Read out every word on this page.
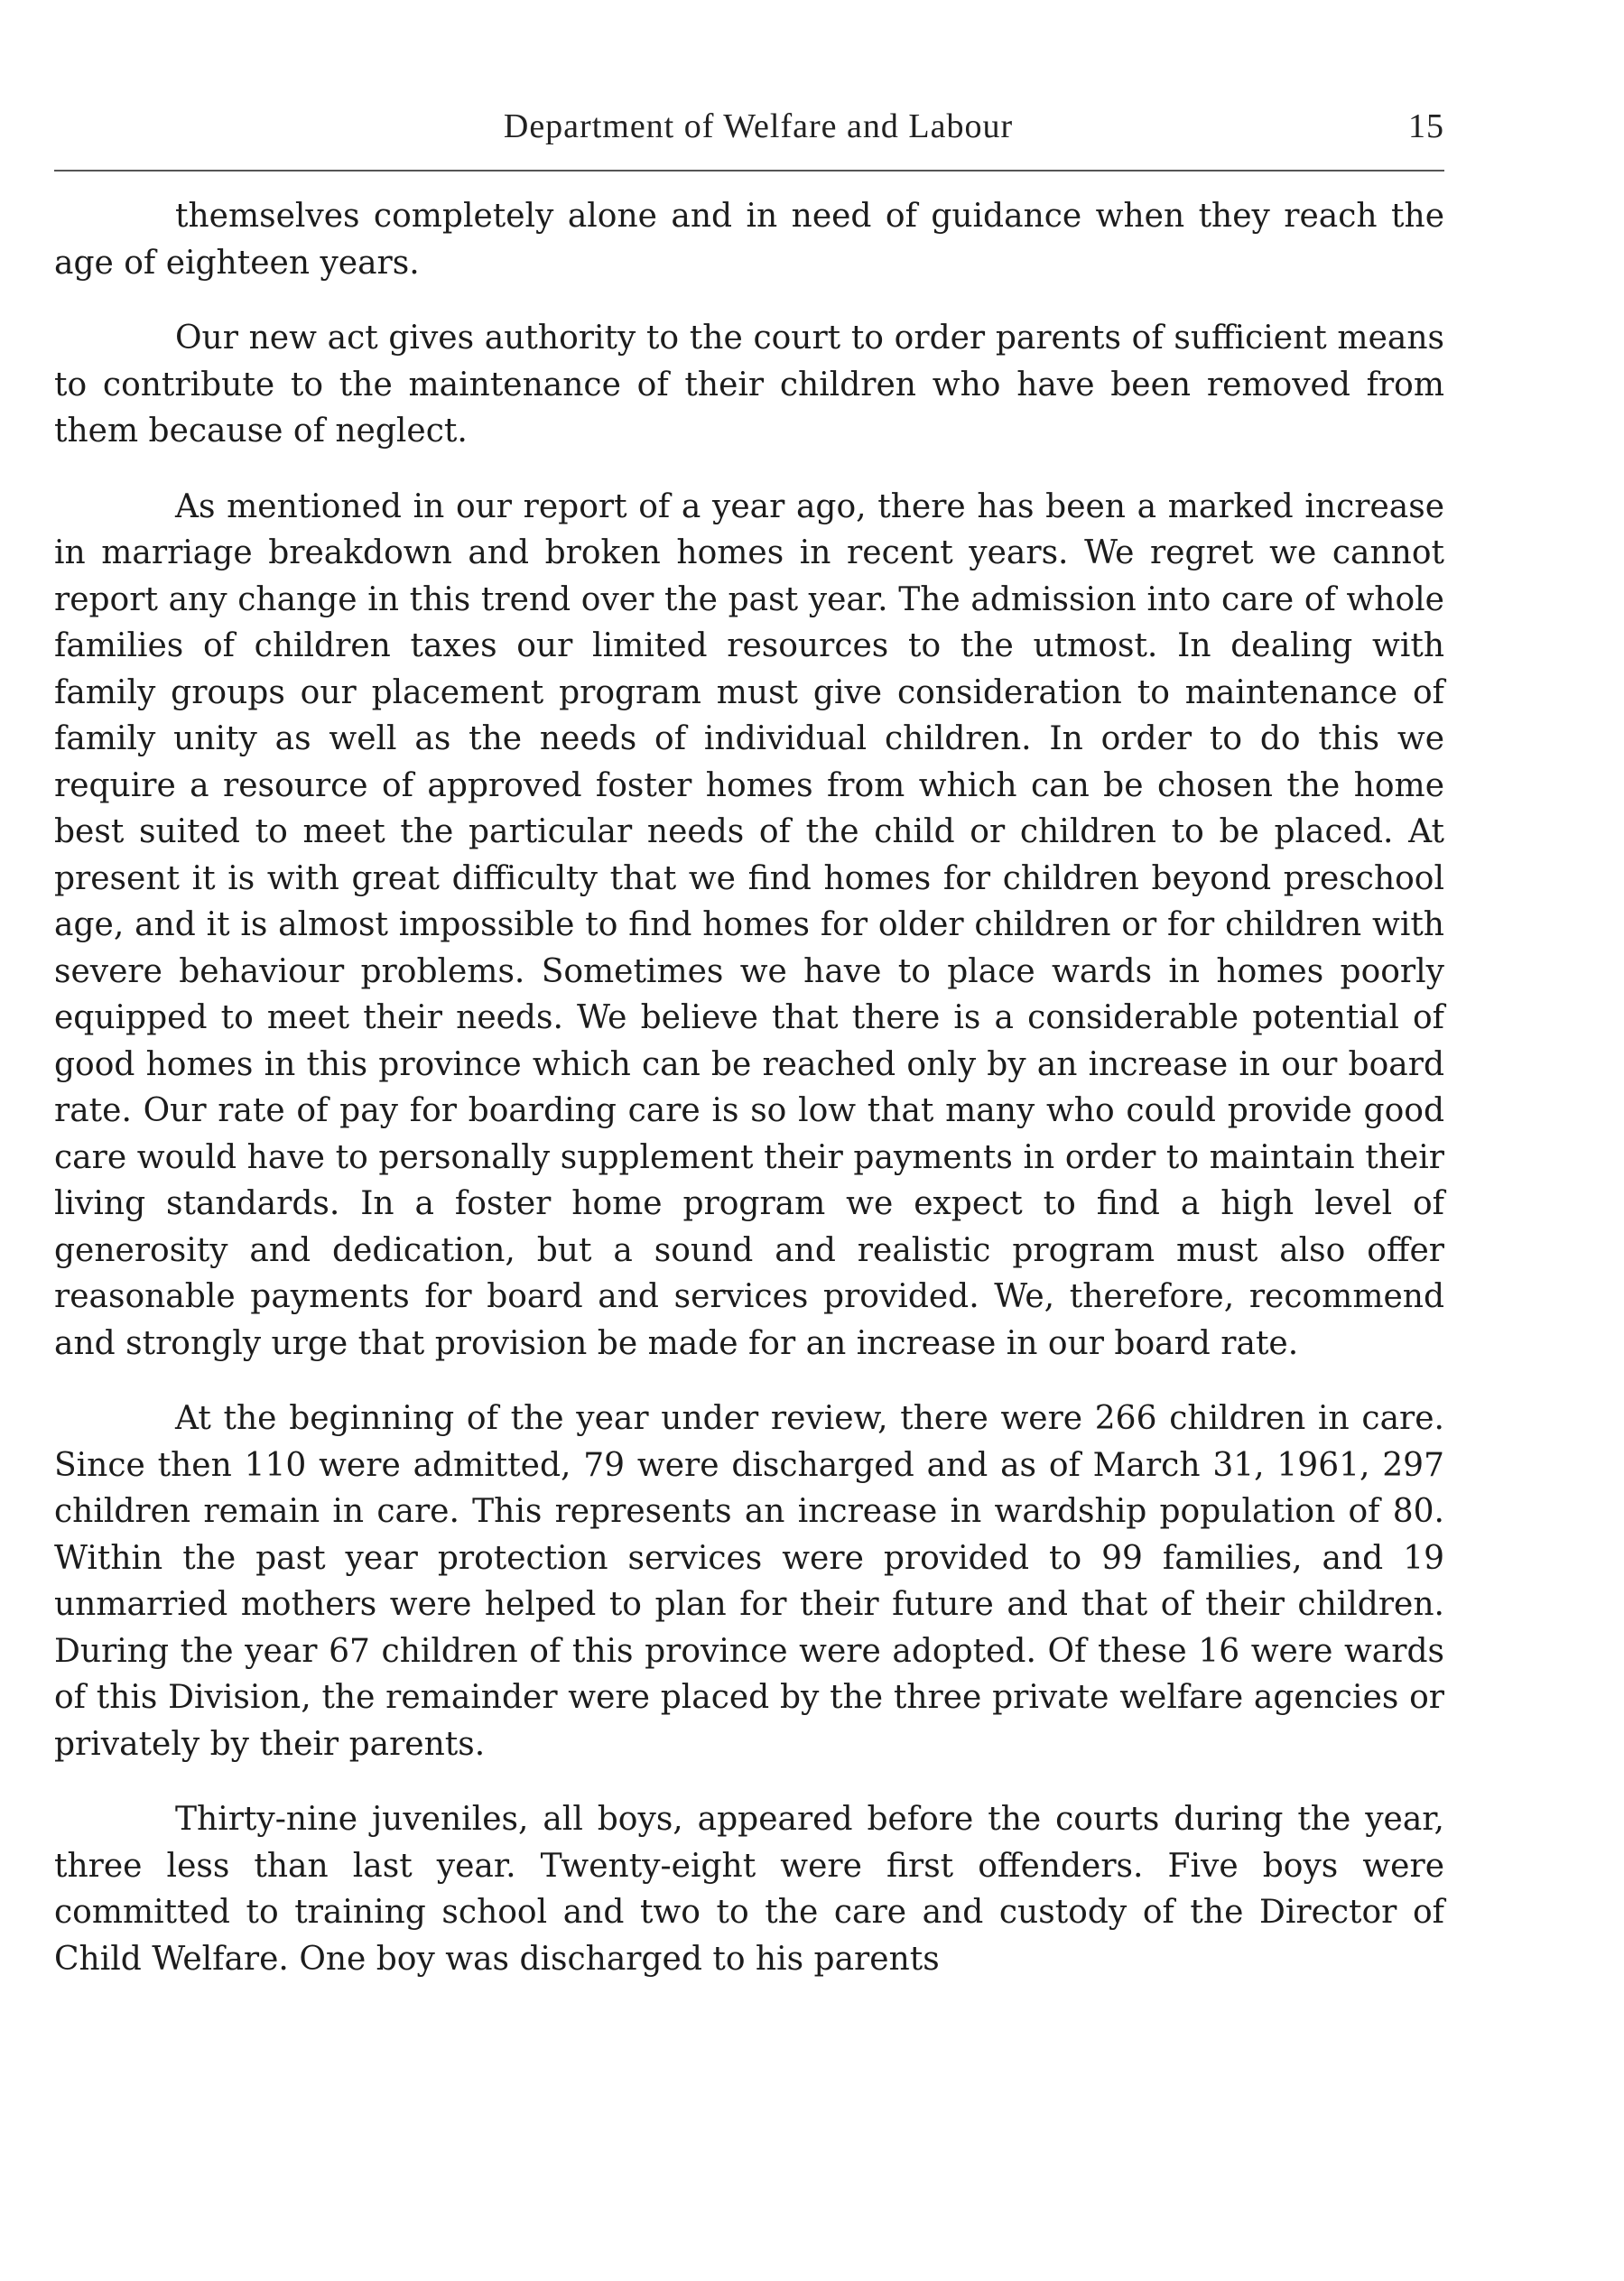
Department of Welfare and Labour	15

themselves completely alone and in need of guidance when they reach the age of eighteen years.

Our new act gives authority to the court to order parents of sufficient means to contribute to the maintenance of their children who have been removed from them because of neglect.

As mentioned in our report of a year ago, there has been a marked increase in marriage breakdown and broken homes in recent years. We regret we cannot report any change in this trend over the past year. The admission into care of whole families of children taxes our limited resources to the utmost. In dealing with family groups our placement program must give consideration to maintenance of family unity as well as the needs of individual children. In order to do this we require a resource of approved foster homes from which can be chosen the home best suited to meet the particular needs of the child or children to be placed. At present it is with great difficulty that we find homes for children beyond preschool age, and it is almost impossible to find homes for older children or for children with severe behaviour problems. Sometimes we have to place wards in homes poorly equipped to meet their needs. We believe that there is a considerable potential of good homes in this province which can be reached only by an increase in our board rate. Our rate of pay for boarding care is so low that many who could provide good care would have to personally supplement their payments in order to maintain their living standards. In a foster home program we expect to find a high level of generosity and dedication, but a sound and realistic program must also offer reasonable payments for board and services provided. We, therefore, recommend and strongly urge that provision be made for an increase in our board rate.

At the beginning of the year under review, there were 266 children in care. Since then 110 were admitted, 79 were discharged and as of March 31, 1961, 297 children remain in care. This represents an increase in wardship population of 80. Within the past year protection services were provided to 99 families, and 19 unmarried mothers were helped to plan for their future and that of their children. During the year 67 children of this province were adopted. Of these 16 were wards of this Division, the remainder were placed by the three private welfare agencies or privately by their parents.

Thirty-nine juveniles, all boys, appeared before the courts during the year, three less than last year. Twenty-eight were first offenders. Five boys were committed to training school and two to the care and custody of the Director of Child Welfare. One boy was discharged to his parents
